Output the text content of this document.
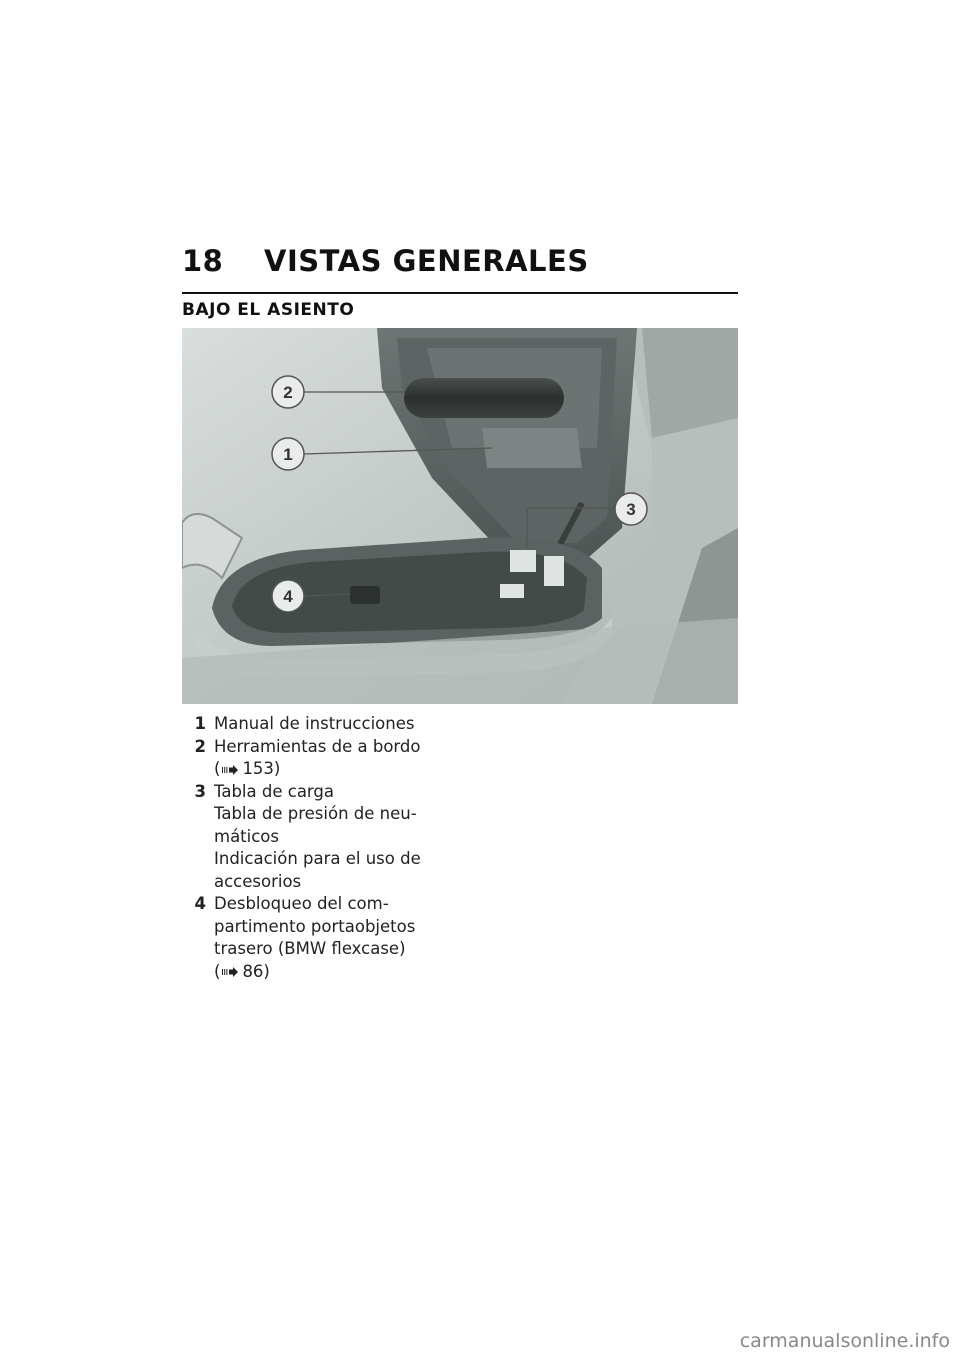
18	VISTAS GENERALES
BAJO EL ASIENTO
2
1
3
4
1 Manual de instrucciones
2 Herramientas de a bordo
( 153)
3 Tabla de carga
Tabla de presión de neu-
máticos
Indicación para el uso de
accesorios
4 Desbloqueo del com-
partimento portaobjetos
trasero (BMW flexcase)
( 86)
carmanualsonline.info
